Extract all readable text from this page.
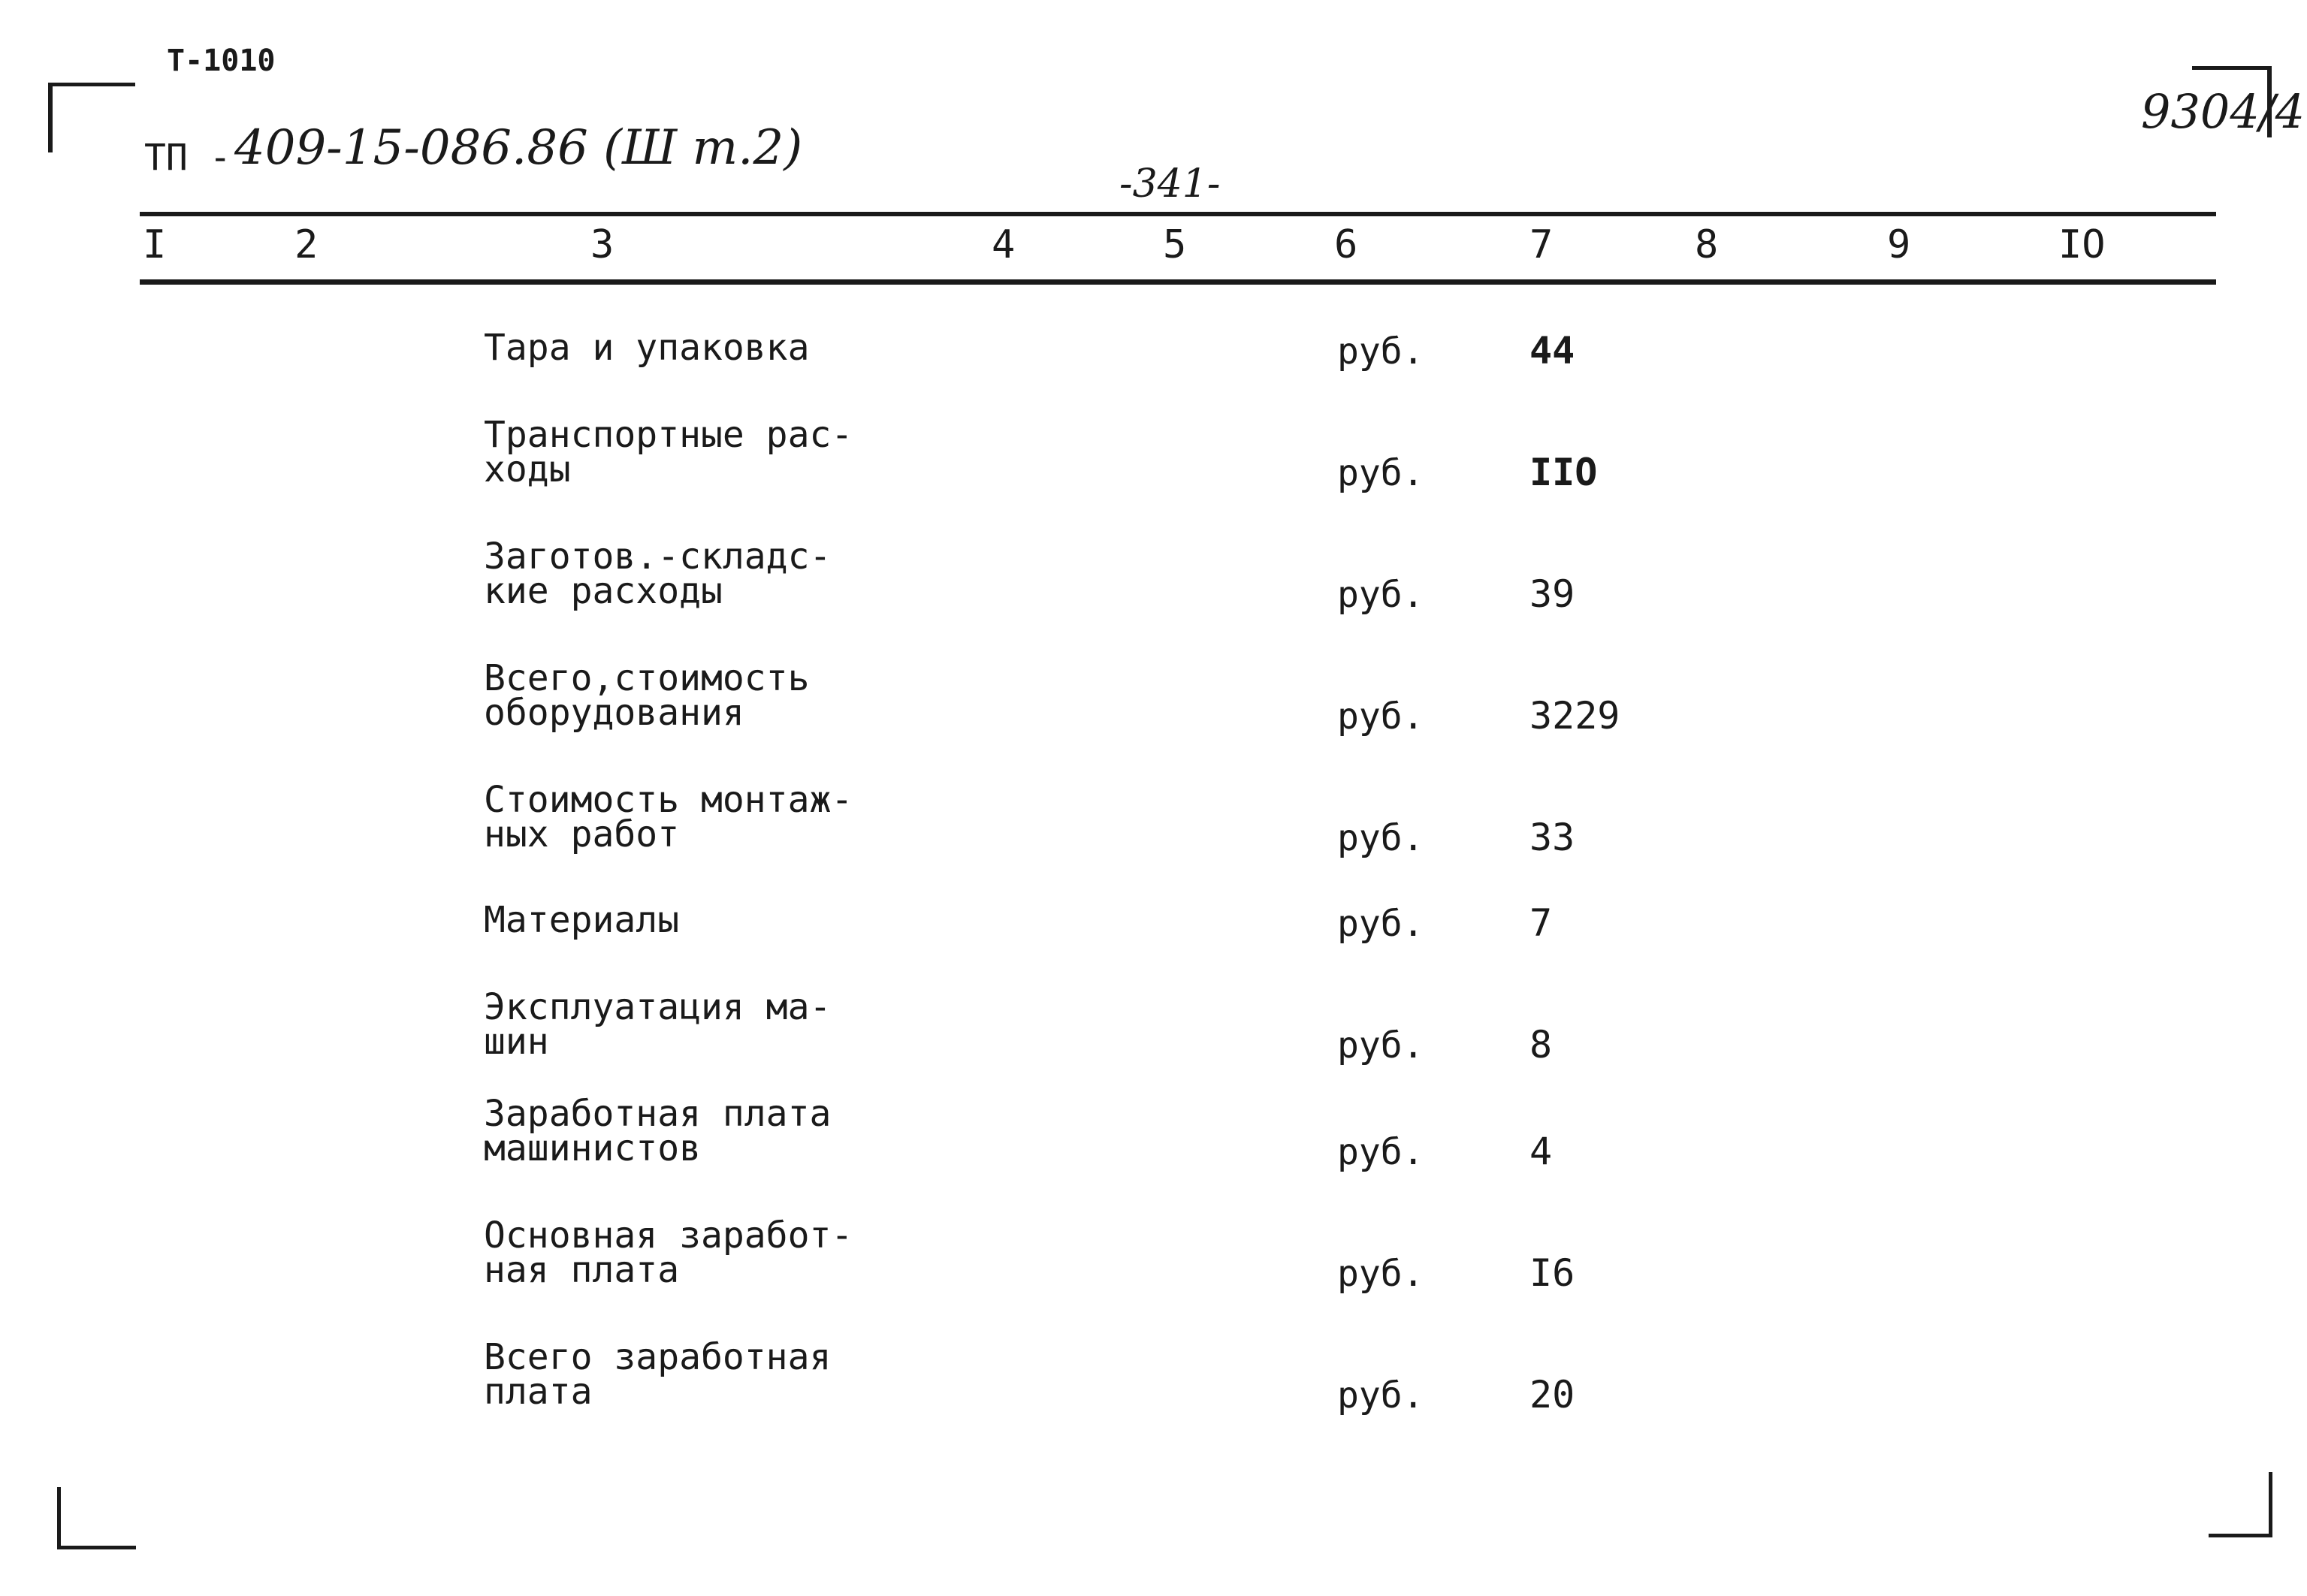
Т-1010
ТП - 409-15-086.86 (Ш т.2)
-341-
9304/4
I	2	3	4	5	6	7	8	9	IO
Тара и упаковка	руб.	44
Транспортные рас-
ходы	руб.	IIO
Заготов.-складс-
кие расходы	руб.	39
Всего,стоимость
оборудования	руб.	3229
Стоимость монтаж-
ных работ	руб.	33
Материалы	руб.	7
Эксплуатация ма-
шин	руб.	8
Заработная плата
машинистов	руб.	4
Основная заработ-
ная плата	руб.	I6
Всего заработная
плата	руб.	20
